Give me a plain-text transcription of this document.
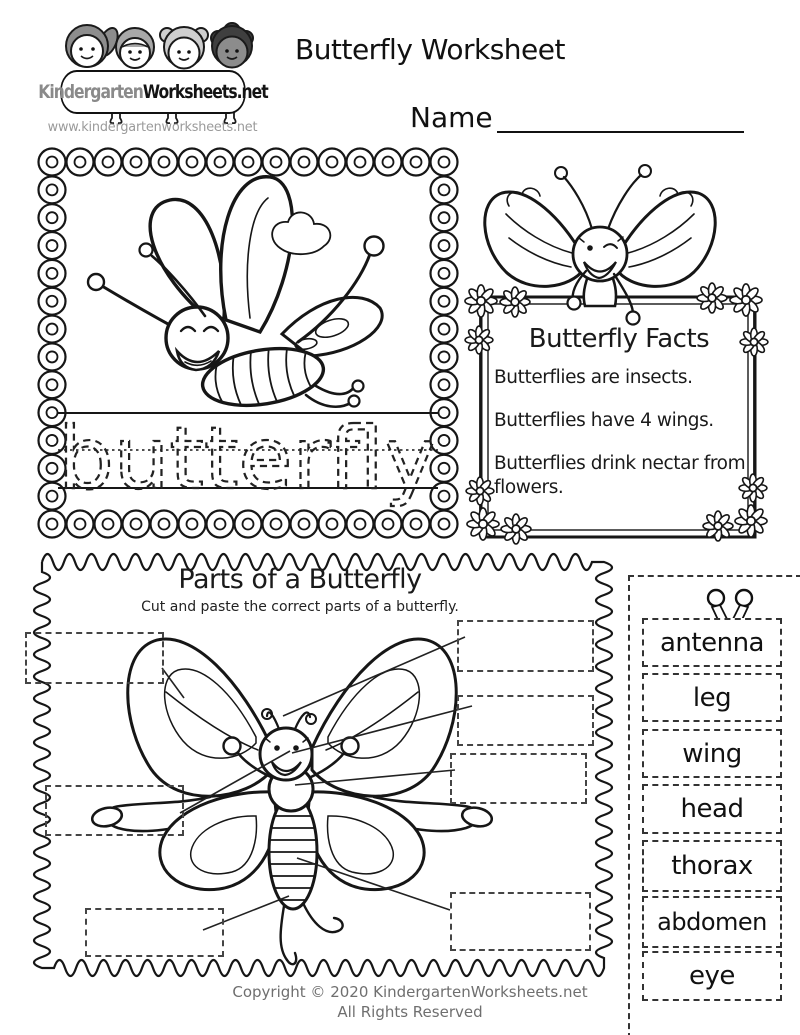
butterfly
Kindergarten Worksheets.net
www.kindergartenworksheets.net
Butterfly Worksheet
Name
Butterfly Facts
Butterflies are insects.
Butterflies have 4 wings.
Butterflies drink nectar from flowers.
Parts of a Butterfly
Cut and paste the correct parts of a butterfly.
antenna
leg
wing
head
thorax
abdomen
eye
Copyright © 2020 KindergartenWorksheets.net
All Rights Reserved
